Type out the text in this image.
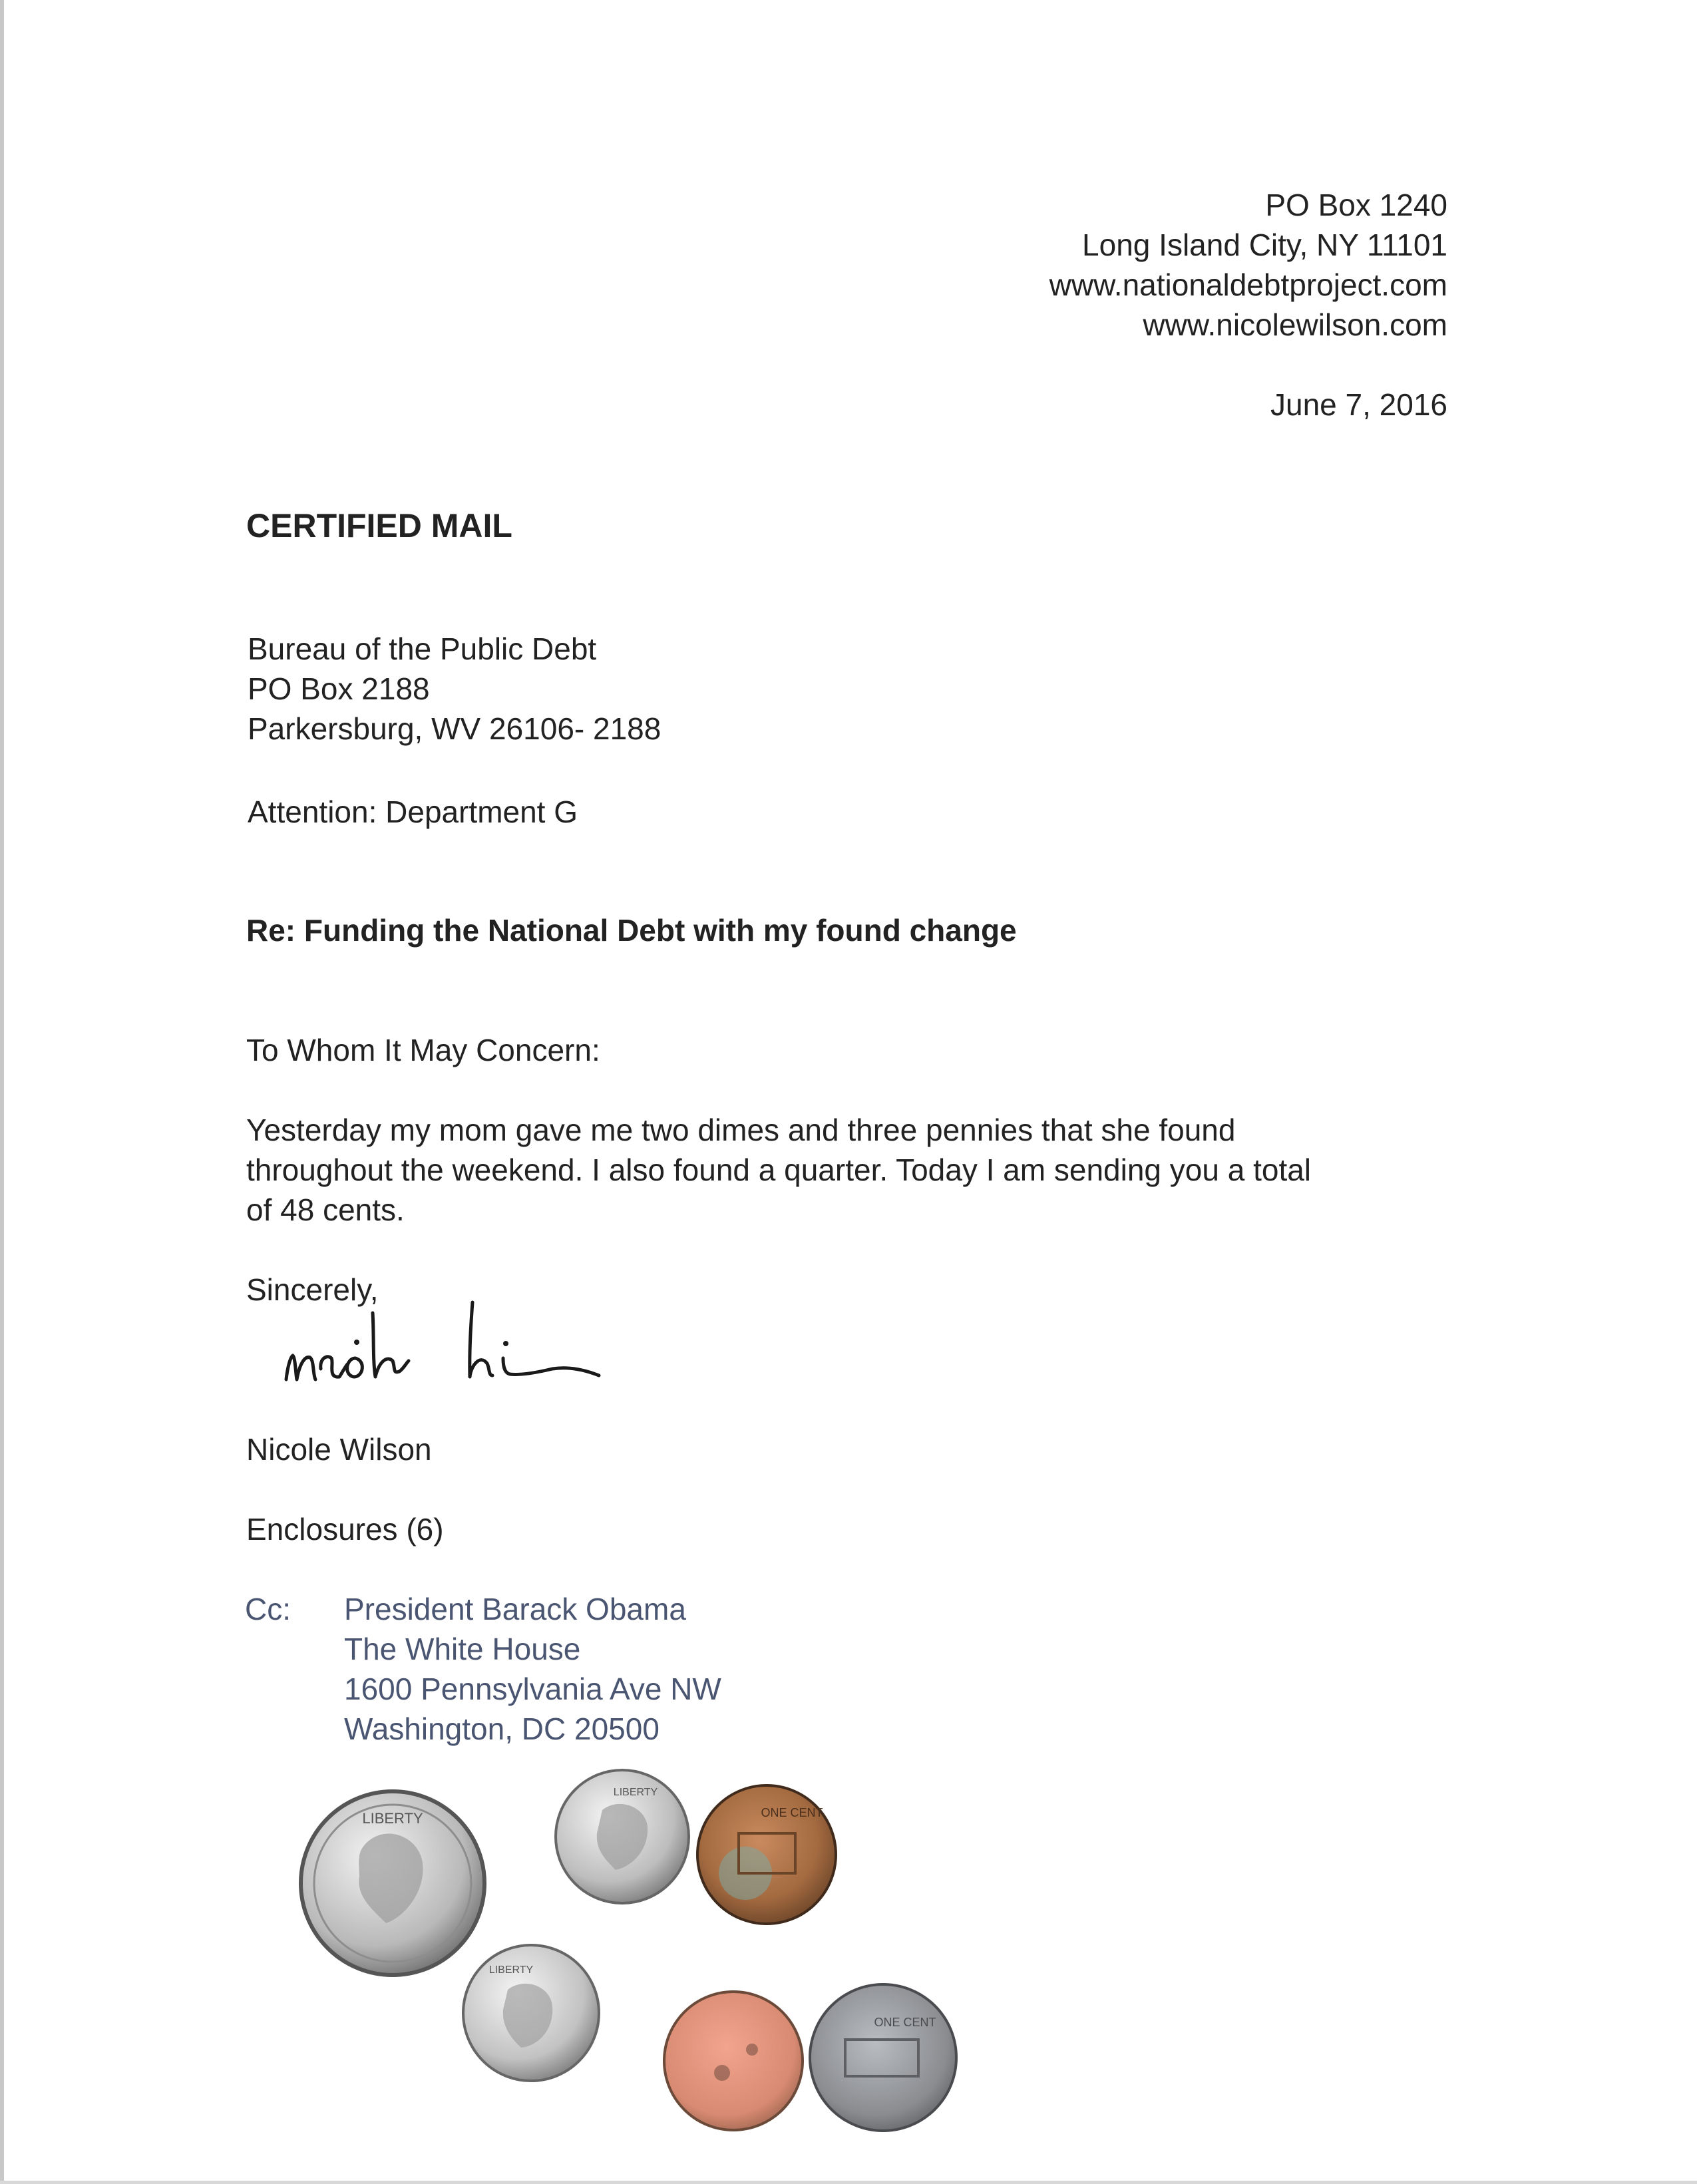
PO Box 1240
Long Island City, NY 11101
www.nationaldebtproject.com
www.nicolewilson.com
June 7, 2016
CERTIFIED MAIL
Bureau of the Public Debt
PO Box 2188
Parkersburg, WV 26106- 2188
Attention: Department G
Re: Funding the National Debt with my found change
To Whom It May Concern:
Yesterday my mom gave me two dimes and three pennies that she found
throughout the weekend. I also found a quarter. Today I am sending you a total
of 48 cents.
Sincerely,
Nicole Wilson
Enclosures (6)
Cc: President Barack Obama
The White House
1600 Pennsylvania Ave NW
Washington, DC 20500
LIBERTY
LIBERTY
ONE CENT
LIBERTY
ONE CENT
